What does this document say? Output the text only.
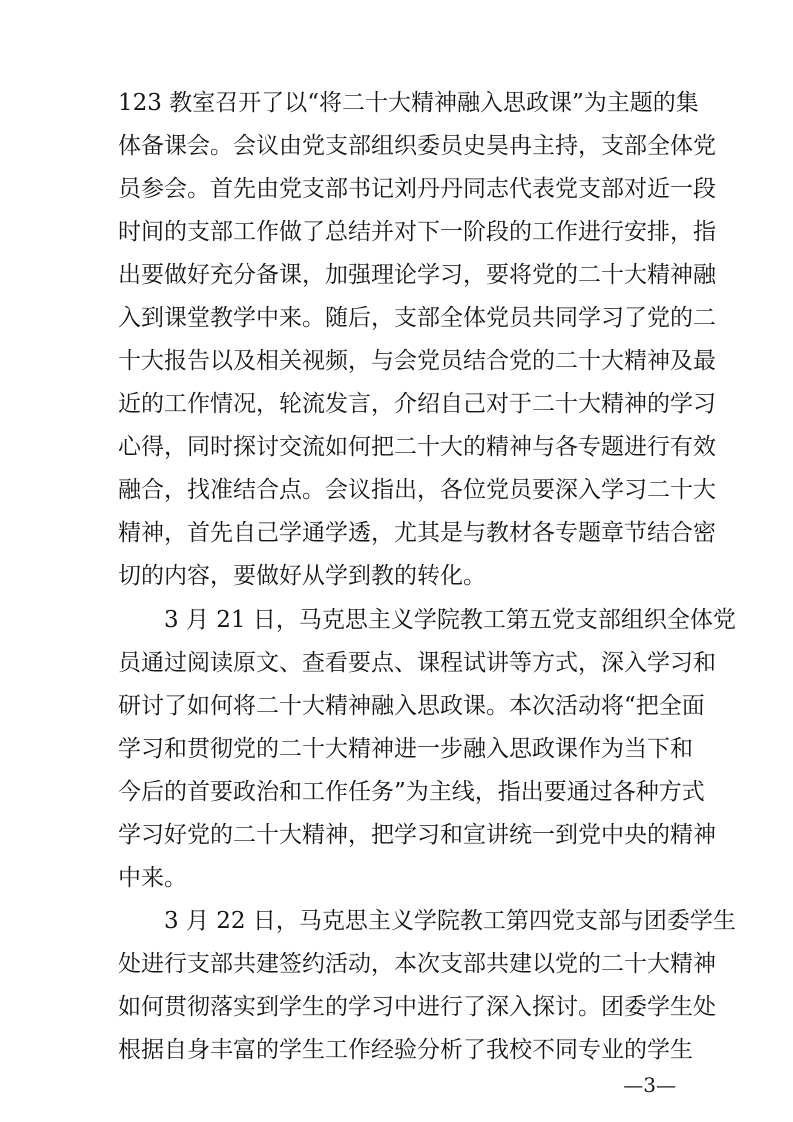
123 教室召开了以“将二十大精神融入思政课”为主题的集
体备课会。会议由党支部组织委员史昊冉主持，支部全体党
员参会。首先由党支部书记刘丹丹同志代表党支部对近一段
时间的支部工作做了总结并对下一阶段的工作进行安排，指
出要做好充分备课，加强理论学习，要将党的二十大精神融
入到课堂教学中来。随后，支部全体党员共同学习了党的二
十大报告以及相关视频，与会党员结合党的二十大精神及最
近的工作情况，轮流发言，介绍自己对于二十大精神的学习
心得，同时探讨交流如何把二十大的精神与各专题进行有效
融合，找准结合点。会议指出，各位党员要深入学习二十大
精神，首先自己学通学透，尤其是与教材各专题章节结合密
切的内容，要做好从学到教的转化。
3 月 21 日，马克思主义学院教工第五党支部组织全体党
员通过阅读原文、查看要点、课程试讲等方式，深入学习和
研讨了如何将二十大精神融入思政课。本次活动将“把全面
学习和贯彻党的二十大精神进一步融入思政课作为当下和
今后的首要政治和工作任务”为主线，指出要通过各种方式
学习好党的二十大精神，把学习和宣讲统一到党中央的精神
中来。
3 月 22 日，马克思主义学院教工第四党支部与团委学生
处进行支部共建签约活动，本次支部共建以党的二十大精神
如何贯彻落实到学生的学习中进行了深入探讨。团委学生处
根据自身丰富的学生工作经验分析了我校不同专业的学生
—3—
